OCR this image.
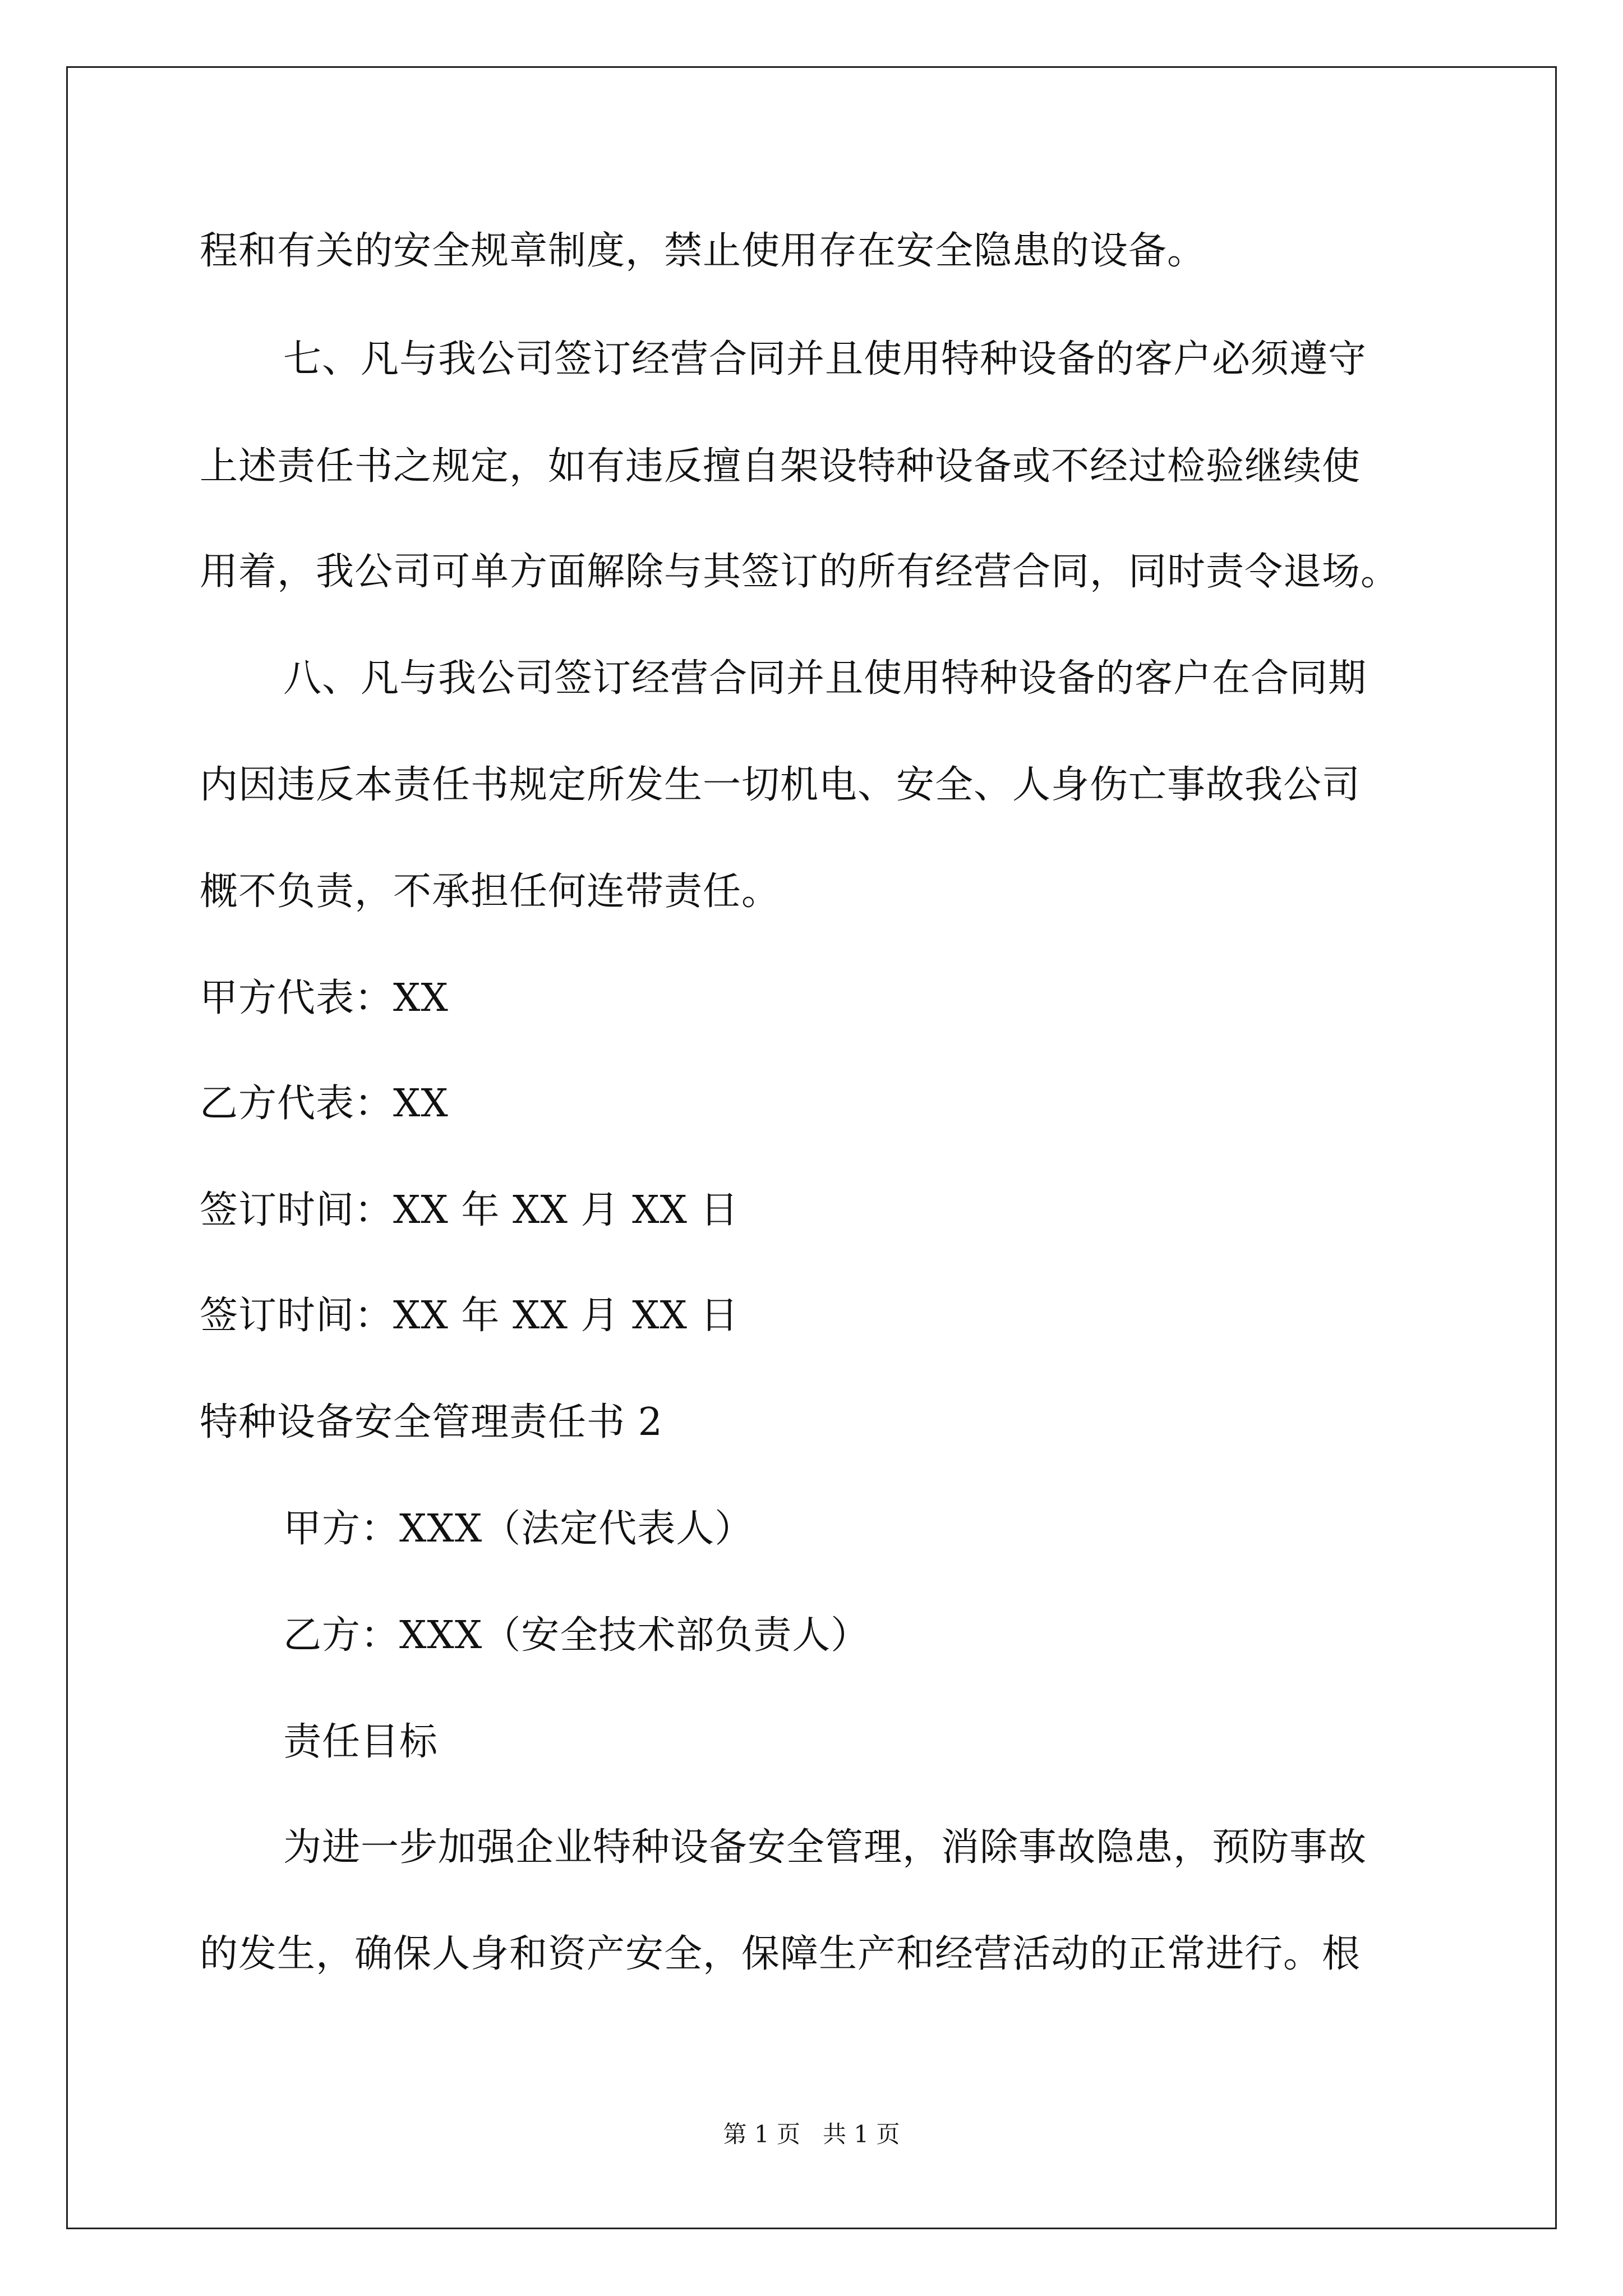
程和有关的安全规章制度，禁止使用存在安全隐患的设备。
七、凡与我公司签订经营合同并且使用特种设备的客户必须遵守
上述责任书之规定，如有违反擅自架设特种设备或不经过检验继续使
用着，我公司可单方面解除与其签订的所有经营合同，同时责令退场。
八、凡与我公司签订经营合同并且使用特种设备的客户在合同期
内因违反本责任书规定所发生一切机电、安全、人身伤亡事故我公司
概不负责，不承担任何连带责任。
甲方代表：XX
乙方代表：XX
签订时间：XX 年 XX 月 XX 日
签订时间：XX 年 XX 月 XX 日
特种设备安全管理责任书 2
甲方：XXX（法定代表人）
乙方：XXX（安全技术部负责人）
责任目标
为进一步加强企业特种设备安全管理，消除事故隐患，预防事故
的发生，确保人身和资产安全，保障生产和经营活动的正常进行。根
第 1 页   共 1 页
